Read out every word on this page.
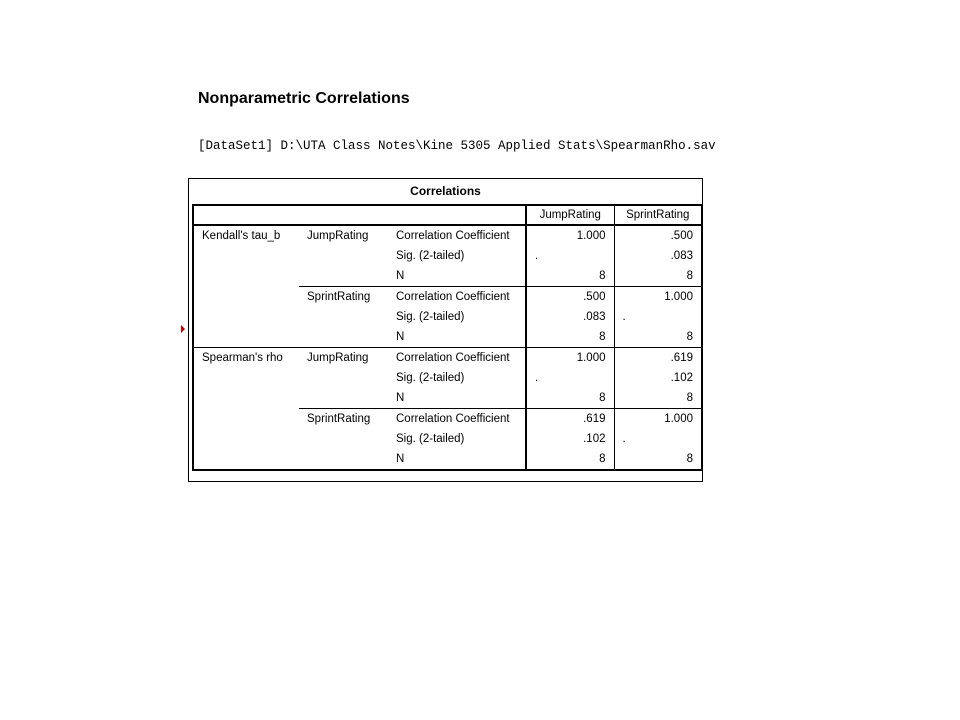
Nonparametric Correlations
[DataSet1] D:\UTA Class Notes\Kine 5305 Applied Stats\SpearmanRho.sav
Correlations
			JumpRating	SprintRating
Kendall's tau_b	JumpRating	Correlation Coefficient	1.000	.500
		Sig. (2-tailed)	.	.083
		N	8	8
	SprintRating	Correlation Coefficient	.500	1.000
		Sig. (2-tailed)	.083	.
		N	8	8
Spearman's rho	JumpRating	Correlation Coefficient	1.000	.619
		Sig. (2-tailed)	.	.102
		N	8	8
	SprintRating	Correlation Coefficient	.619	1.000
		Sig. (2-tailed)	.102	.
		N	8	8
